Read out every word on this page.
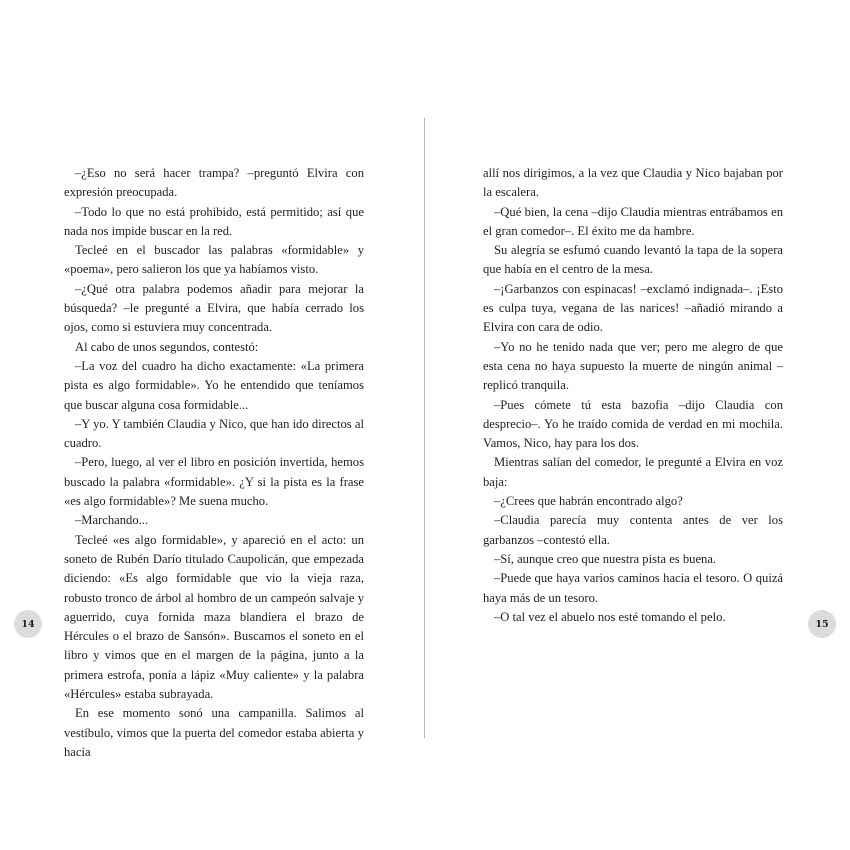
–¿Eso no será hacer trampa? –preguntó Elvira con expresión preocupada.

–Todo lo que no está prohibido, está permitido; así que nada nos impide buscar en la red.

Tecleé en el buscador las palabras «formidable» y «poema», pero salieron los que ya habíamos visto.

–¿Qué otra palabra podemos añadir para mejorar la búsqueda? –le pregunté a Elvira, que había cerrado los ojos, como si estuviera muy concentrada.

Al cabo de unos segundos, contestó:

–La voz del cuadro ha dicho exactamente: «La primera pista es algo formidable». Yo he entendido que teníamos que buscar alguna cosa formidable...

–Y yo. Y también Claudia y Nico, que han ido directos al cuadro.

–Pero, luego, al ver el libro en posición invertida, hemos buscado la palabra «formidable». ¿Y si la pista es la frase «es algo formidable»? Me suena mucho.

–Marchando...

Tecleé «es algo formidable», y apareció en el acto: un soneto de Rubén Darío titulado Caupolicán, que empezada diciendo: «Es algo formidable que vio la vieja raza, robusto tronco de árbol al hombro de un campeón salvaje y aguerrido, cuya fornida maza blandiera el brazo de Hércules o el brazo de Sansón». Buscamos el soneto en el libro y vimos que en el margen de la página, junto a la primera estrofa, ponía a lápiz «Muy caliente» y la palabra «Hércules» estaba subrayada.

En ese momento sonó una campanilla. Salimos al vestíbulo, vimos que la puerta del comedor estaba abierta y hacia

allí nos dirigimos, a la vez que Claudia y Nico bajaban por la escalera.

–Qué bien, la cena –dijo Claudia mientras entrábamos en el gran comedor–. El éxito me da hambre.

Su alegría se esfumó cuando levantó la tapa de la sopera que había en el centro de la mesa.

–¡Garbanzos con espinacas! –exclamó indignada–. ¡Esto es culpa tuya, vegana de las narices! –añadió mirando a Elvira con cara de odio.

–Yo no he tenido nada que ver; pero me alegro de que esta cena no haya supuesto la muerte de ningún animal –replicó tranquila.

–Pues cómete tú esta bazofia –dijo Claudia con desprecio–. Yo he traído comida de verdad en mi mochila. Vamos, Nico, hay para los dos.

Mientras salían del comedor, le pregunté a Elvira en voz baja:

–¿Crees que habrán encontrado algo?

–Claudia parecía muy contenta antes de ver los garbanzos –contestó ella.

–Sí, aunque creo que nuestra pista es buena.

–Puede que haya varios caminos hacia el tesoro. O quizá haya más de un tesoro.

–O tal vez el abuelo nos esté tomando el pelo.

14	15
